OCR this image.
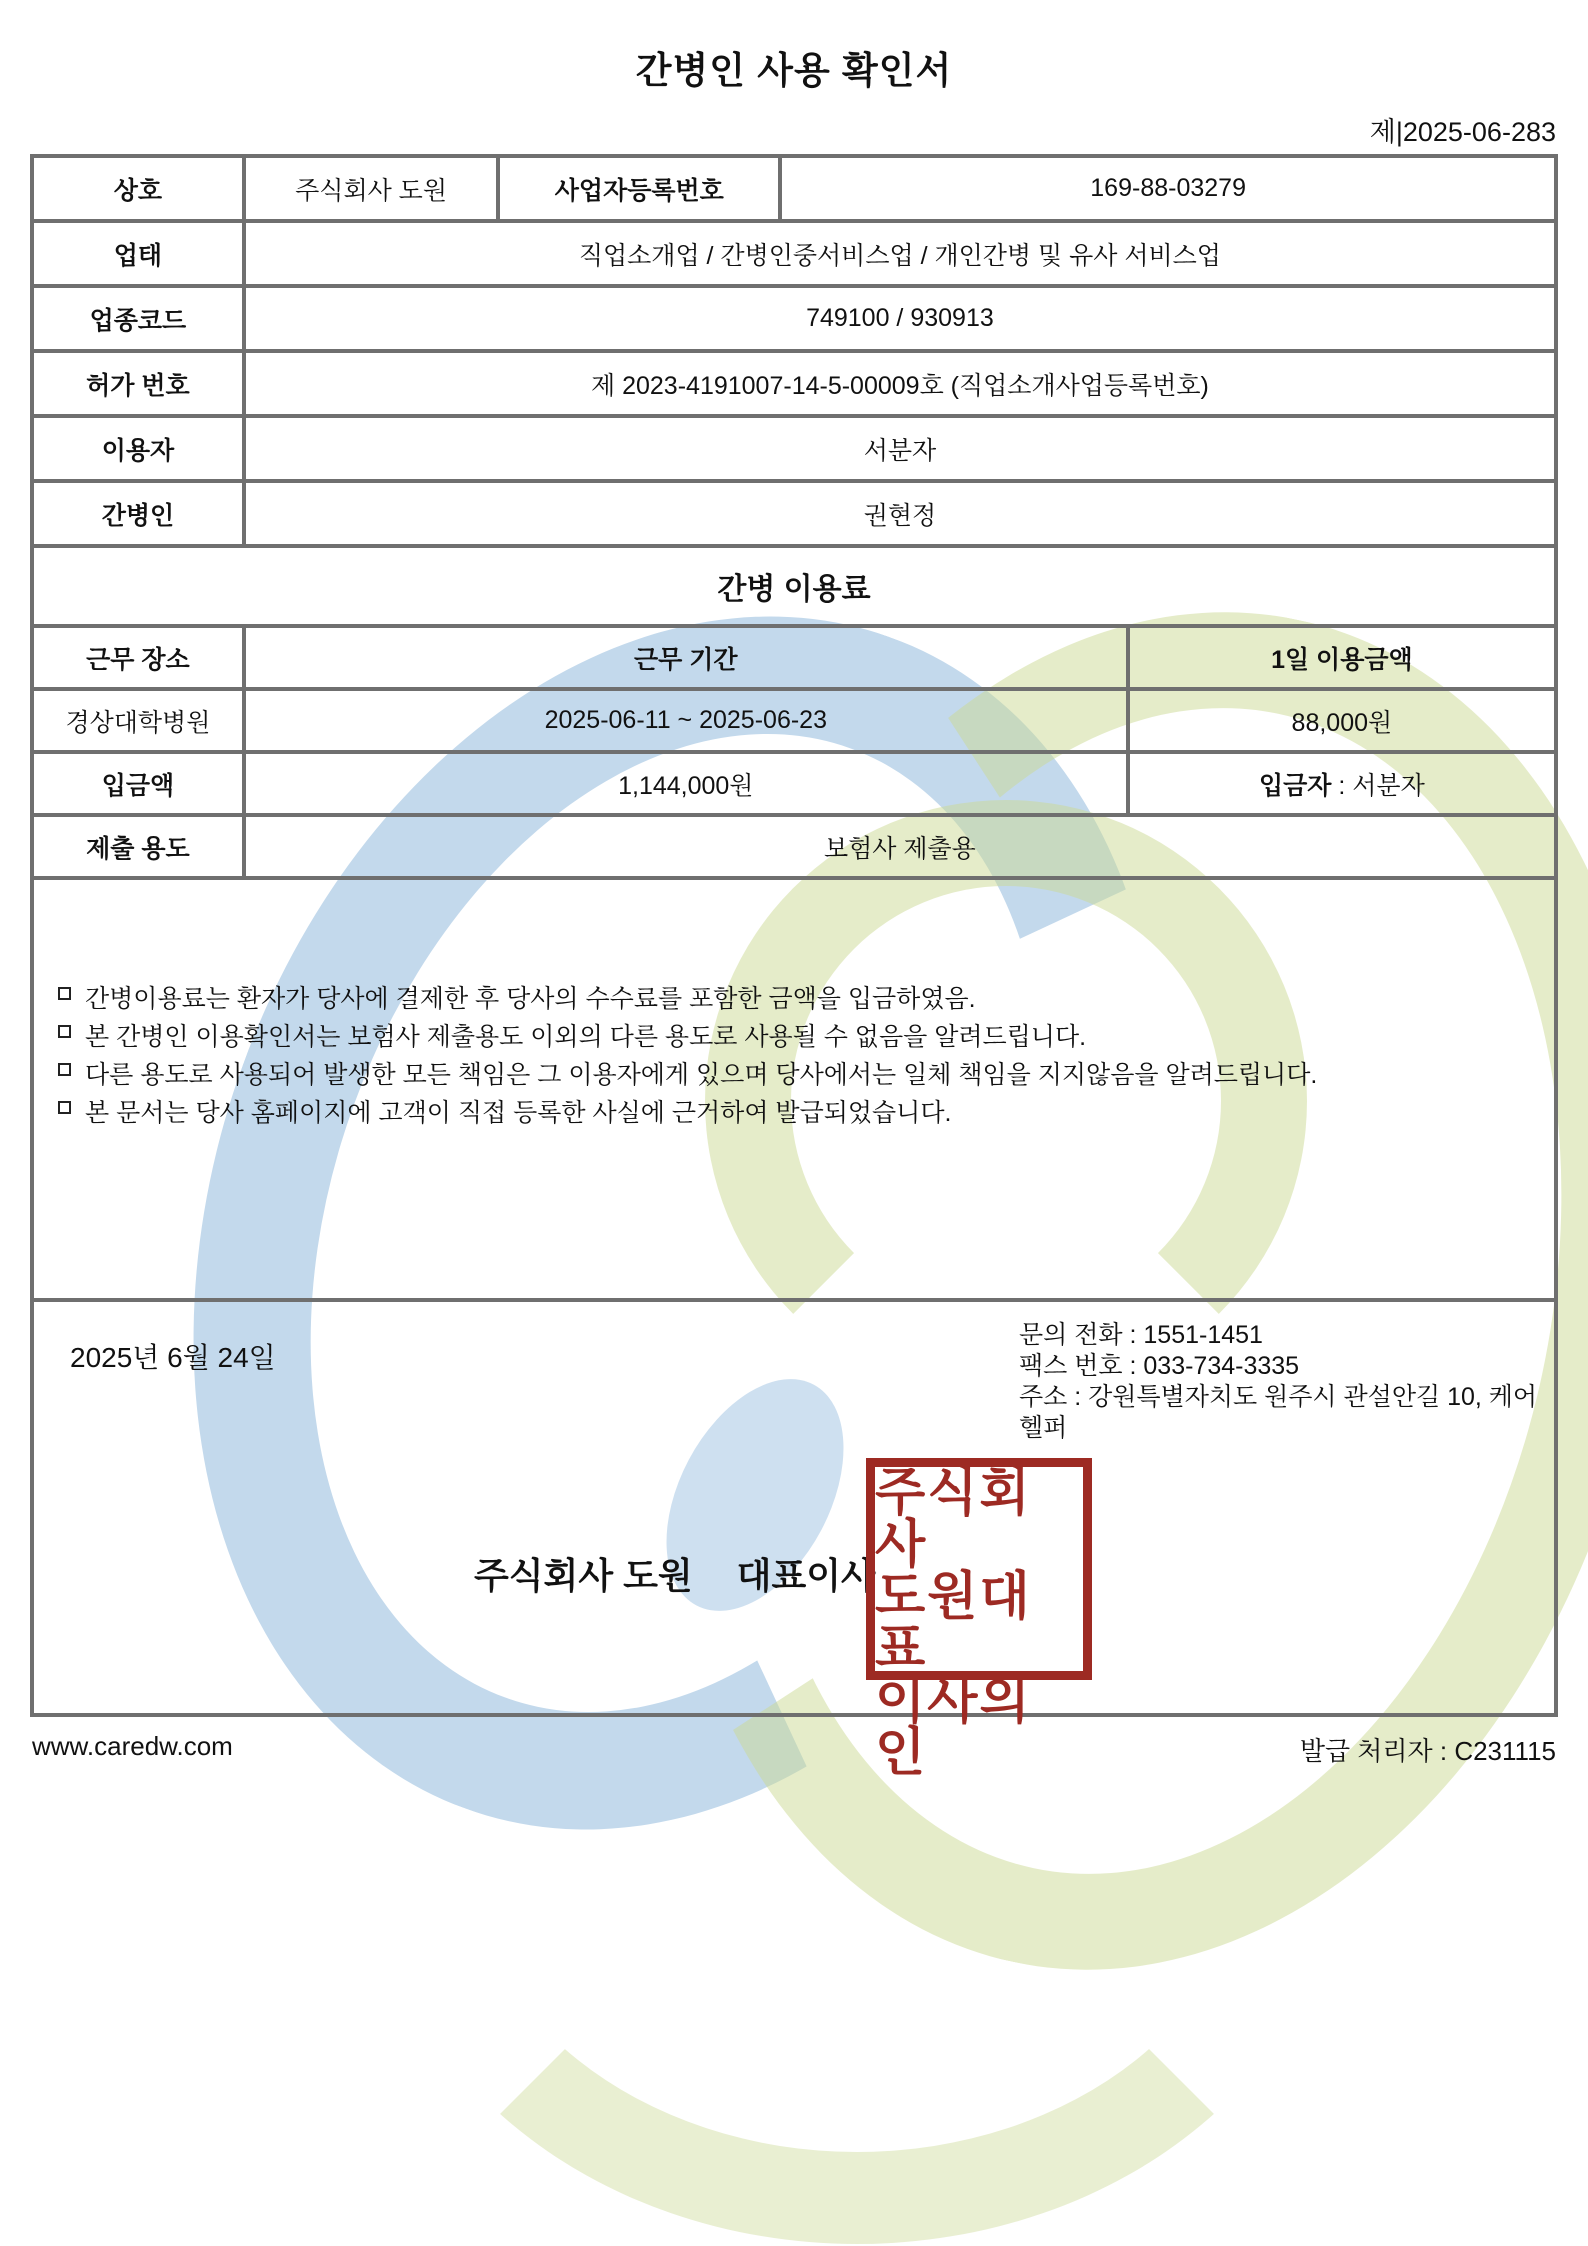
간병인 사용 확인서
제|2025-06-283
상호	주식회사 도원	사업자등록번호	169-88-03279
업태	직업소개업 / 간병인중서비스업 / 개인간병 및 유사 서비스업		
업종코드	749100 / 930913		
허가 번호	제 2023-4191007-14-5-00009호 (직업소개사업등록번호)		
이용자	서분자		
간병인	권현정		
간병 이용료
근무 장소	근무 기간	1일 이용금액
경상대학병원	2025-06-11 ~ 2025-06-23	88,000원
입금액	1,144,000원	입금자 : 서분자
제출 용도	보험사 제출용	
간병이용료는 환자가 당사에 결제한 후 당사의 수수료를 포함한 금액을 입금하였음.
본 간병인 이용확인서는 보험사 제출용도 이외의 다른 용도로 사용될 수 없음을 알려드립니다.
다른 용도로 사용되어 발생한 모든 책임은 그 이용자에게 있으며 당사에서는 일체 책임을 지지않음을 알려드립니다.
본 문서는 당사 홈페이지에 고객이 직접 등록한 사실에 근거하여 발급되었습니다.
2025년 6월 24일
문의 전화 : 1551-1451
팩스 번호 : 033-734-3335
주소 : 강원특별자치도 원주시 관설안길 10, 케어헬퍼
주식회사 도원 대표이사
주식회사
도원대표
이사의인
www.caredw.com	발급 처리자 : C231115
